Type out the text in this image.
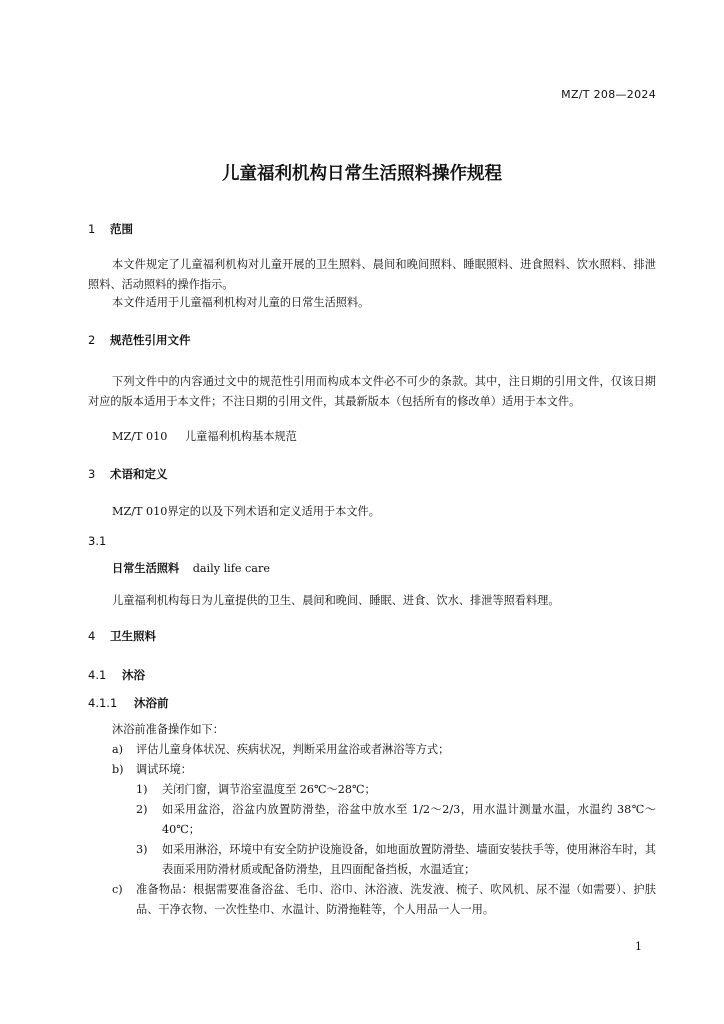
MZ/T 208—2024
儿童福利机构日常生活照料操作规程
1 范围

本文件规定了儿童福利机构对儿童开展的卫生照料、晨间和晚间照料、睡眠照料、进食照料、饮水照料、排泄照料、活动照料的操作指示。

本文件适用于儿童福利机构对儿童的日常生活照料。

2 规范性引用文件

下列文件中的内容通过文中的规范性引用而构成本文件必不可少的条款。其中，注日期的引用文件，仅该日期对应的版本适用于本文件；不注日期的引用文件，其最新版本（包括所有的修改单）适用于本文件。

MZ/T 010 儿童福利机构基本规范
3 术语和定义

MZ/T 010界定的以及下列术语和定义适用于本文件。

3.1
日常生活照料 daily life care

儿童福利机构每日为儿童提供的卫生、晨间和晚间、睡眠、进食、饮水、排泄等照看料理。

4 卫生照料
4.1 沐浴
4.1.1 沐浴前
沐浴前准备操作如下：
a) 评估儿童身体状况、疾病状况，判断采用盆浴或者淋浴等方式；

b) 调试环境：

1) 关闭门窗，调节浴室温度至 26℃～28℃；

2) 如采用盆浴，浴盆内放置防滑垫，浴盆中放水至 1/2～2/3，用水温计测量水温，水温约 38℃～40℃；

3) 如采用淋浴，环境中有安全防护设施设备，如地面放置防滑垫、墙面安装扶手等，使用淋浴车时，其表面采用防滑材质或配备防滑垫，且四面配备挡板，水温适宜；

c) 准备物品：根据需要准备浴盆、毛巾、浴巾、沐浴液、洗发液、梳子、吹风机、尿不湿（如需要）、护肤品、干净衣物、一次性垫巾、水温计、防滑拖鞋等，个人用品一人一用。

1
